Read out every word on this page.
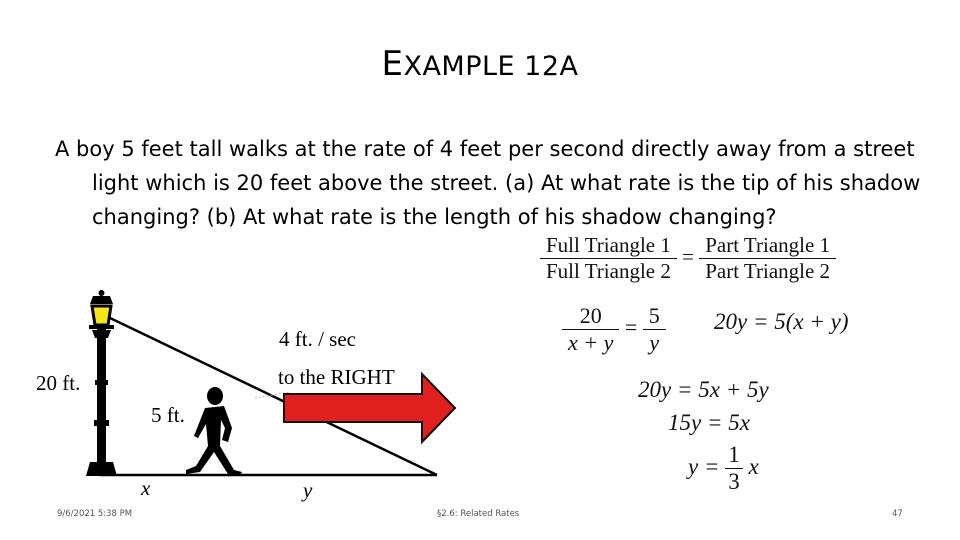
EXAMPLE 12A

A boy 5 feet tall walks at the rate of 4 feet per second directly away from a street light which is 20 feet above the street. (a) At what rate is the tip of his shadow changing? (b) At what rate is the length of his shadow changing?

20 ft.
5 ft.
4 ft. / sec
to the RIGHT
x	y
$\frac{\text{Full Triangle 1}}{\text{Full Triangle 2}} = \frac{\text{Part Triangle 1}}{\text{Part Triangle 2}}$
$\frac{20}{x + y} = \frac{5}{y} 20y = 5(x + y)$
20y = 5x + 5y
15y = 5x
$y = \frac{1}{3}$ x
9/6/2021 5:38 PM	§2.6: Related Rates	47
